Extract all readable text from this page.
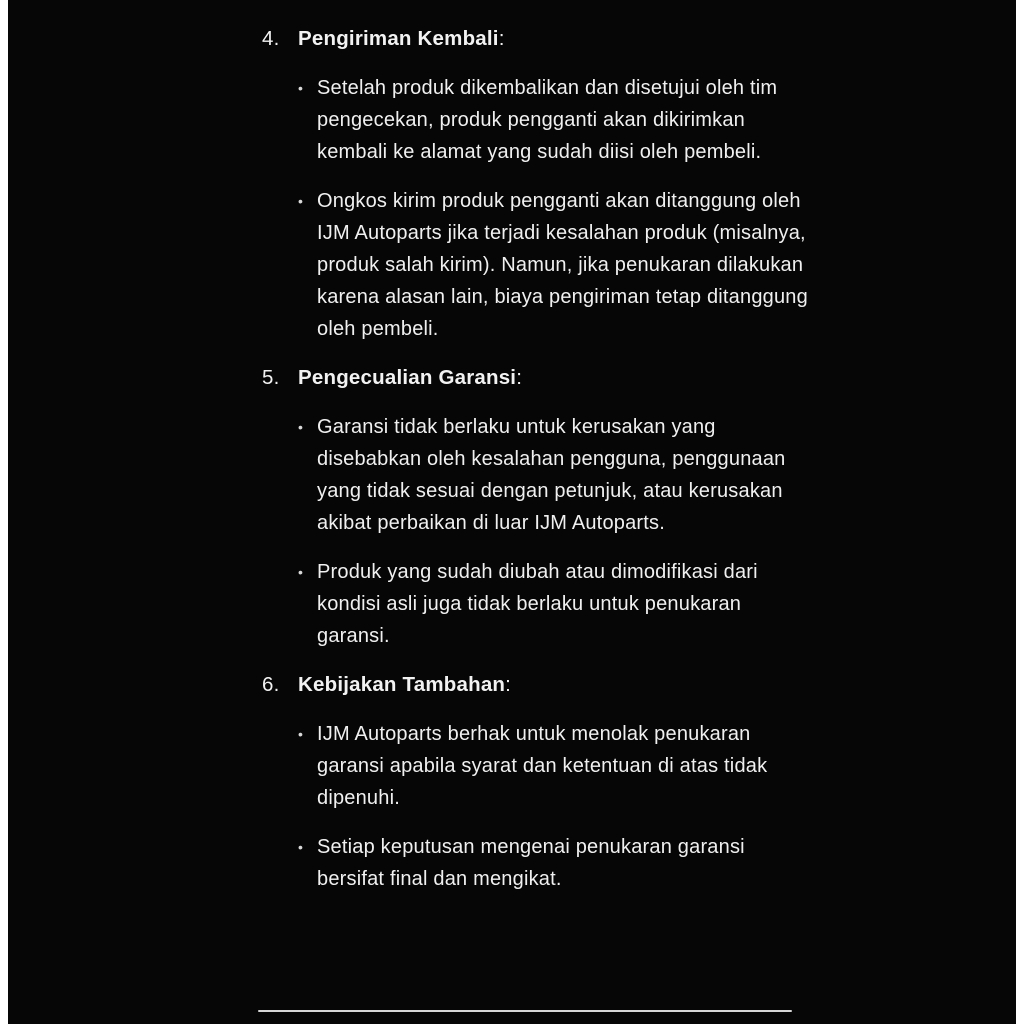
4. Pengiriman Kembali :
• Setelah produk dikembalikan dan disetujui oleh tim pengecekan, produk pengganti akan dikirimkan kembali ke alamat yang sudah diisi oleh pembeli.
• Ongkos kirim produk pengganti akan ditanggung oleh IJM Autoparts jika terjadi kesalahan produk (misalnya, produk salah kirim). Namun, jika penukaran dilakukan karena alasan lain, biaya pengiriman tetap ditanggung oleh pembeli.
5. Pengecualian Garansi :
• Garansi tidak berlaku untuk kerusakan yang disebabkan oleh kesalahan pengguna, penggunaan yang tidak sesuai dengan petunjuk, atau kerusakan akibat perbaikan di luar IJM Autoparts.
• Produk yang sudah diubah atau dimodifikasi dari kondisi asli juga tidak berlaku untuk penukaran garansi.
6. Kebijakan Tambahan :
• IJM Autoparts berhak untuk menolak penukaran garansi apabila syarat dan ketentuan di atas tidak dipenuhi.
• Setiap keputusan mengenai penukaran garansi bersifat final dan mengikat.
